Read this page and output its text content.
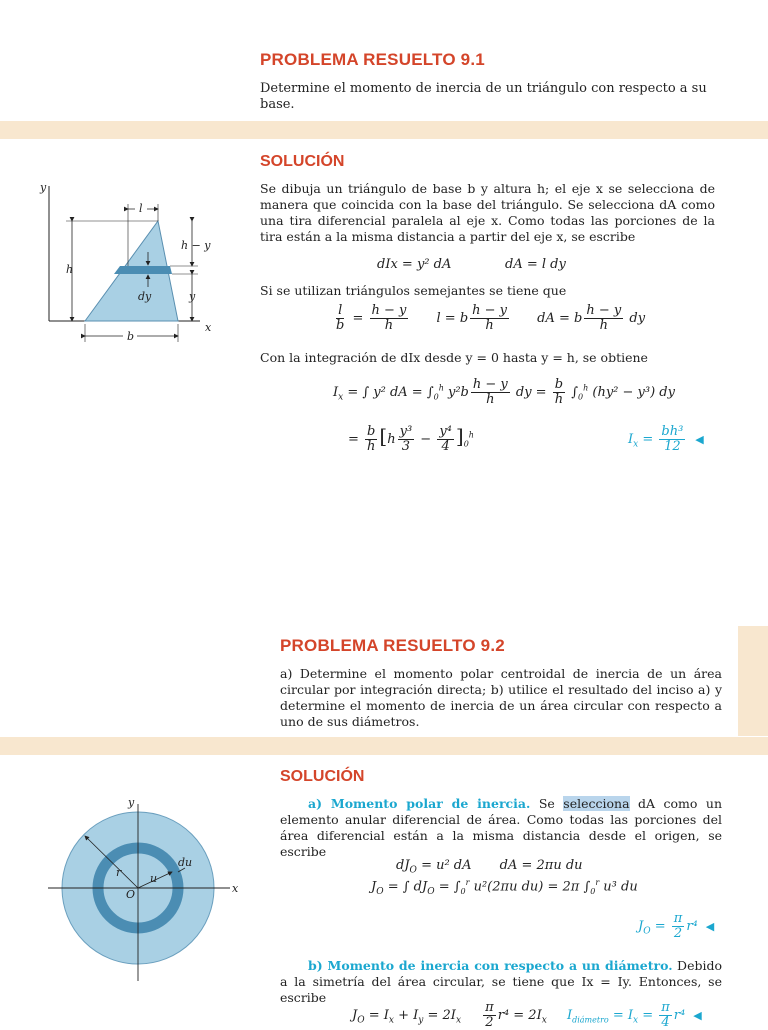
PROBLEMA RESUELTO 9.1
Determine el momento de inercia de un triángulo con respecto a su base.
SOLUCIÓN
Se dibuja un triángulo de base b y altura h; el eje x se selecciona de manera que coincida con la base del triángulo. Se selecciona dA como una tira diferencial paralela al eje x. Como todas las porciones de la tira están a la misma distancia a partir del eje x, se escribe
dIx = y² dA	dA = l dy
Si se utilizan triángulos semejantes se tiene que
$\frac{l}{b} = \frac{h - y}{h}$ l = b $\frac{h - y}{h}$ dA = b $\frac{h - y}{h}$ dy
Con la integración de dIx desde y = 0 hasta y = h, se obtiene
$I_x$ = ∫ y² dA = $\int_0^h$ $y^2b \frac{h - y}{h}$ dy = $\frac{b}{h} \int_0^h$ (hy² − y³) dy
= $\frac{b}{h} [h \frac{\text{y³}}{3} - \frac{\text{y⁴}}{4} ]_0^h$	$I_x = \frac{\text{bh³}}{12}$ ◀
y
x
l
h
h − y
dy	y
b
PROBLEMA RESUELTO 9.2
a) Determine el momento polar centroidal de inercia de un área circular por integración directa; b) utilice el resultado del inciso a) y determine el momento de inercia de un área circular con respecto a uno de sus diámetros.
SOLUCIÓN
a) Momento polar de inercia. Se selecciona dA como un elemento anular diferencial de área. Como todas las porciones del área diferencial están a la misma distancia desde el origen, se escribe
$dJ_O = u^2$ dA dA = 2πu du
$J_O$ = ∫ $dJ_O = \int_0^r$ u²(2πu du) = 2π $\int_0^r$ u³ du
$J_O = \frac{\pi}{2} r^4$ ◀
b) Momento de inercia con respecto a un diámetro. Debido a la simetría del área circular, se tiene que Ix = Iy. Entonces, se escribe
$J_O = I_x + I_y = 2I_x \frac{\pi}{2} r^4 = 2I_x$ $I_{diámetro} = I_x = \frac{\pi}{4} r^4$ ◀
y
x
O
r	u
du
